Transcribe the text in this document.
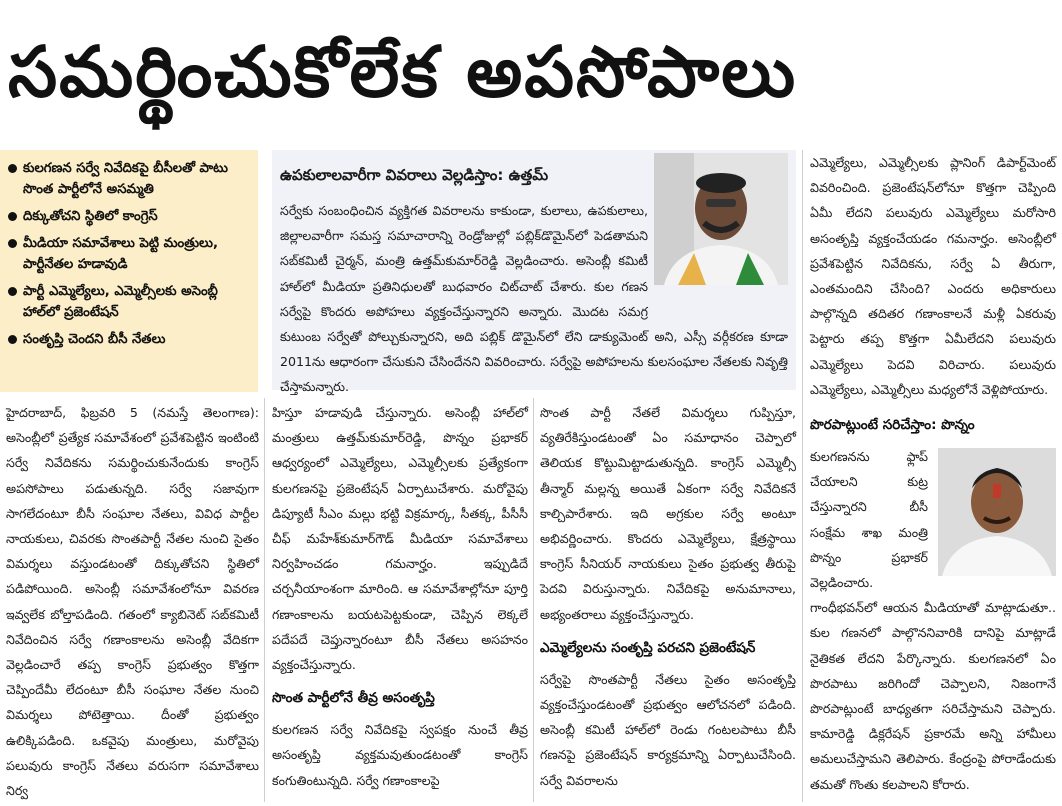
సమర్థించుకోలేక అపసోపాలు
కులగణన సర్వే నివేదికపై బీసీలతో పాటు సొంత పార్టీలోనే అసమ్మతి
దిక్కుతోచని స్థితిలో కాంగ్రెస్
మీడియా సమావేశాలు పెట్టి మంత్రులు, పార్టీనేతల హడావుడి
పార్టీ ఎమ్మెల్యేలు, ఎమ్మెల్సీలకు అసెంబ్లీ హాల్‌లో ప్రజెంటేషన్
సంతృప్తి చెందని బీసీ నేతలు
ఉపకులాలవారీగా వివరాలు వెల్లడిస్తాం: ఉత్తమ్

సర్వేకు సంబంధించిన వ్యక్తిగత వివరాలను కాకుండా, కులాలు, ఉపకులాలు, జిల్లాలవారీగా సమస్త సమాచారాన్ని రెండ్రోజుల్లో పబ్లిక్‌డొమైన్‌లో పెడతామని సబ్‌కమిటీ చైర్మన్, మంత్రి ఉత్తమ్‌కుమార్‌రెడ్డి వెల్లడించారు. అసెంబ్లీ కమిటీ హాల్‌లో మీడియా ప్రతినిధులతో బుధవారం చిట్‌చాట్ చేశారు. కుల గణన సర్వేపై కొందరు అపోహలు వ్యక్తంచేస్తున్నారని అన్నారు. మొదట సమగ్ర కుటుంబ సర్వేతో పోల్చుకున్నారని, అది పబ్లిక్ డొమైన్‌లో లేని డాక్యుమెంట్ అని, ఎస్సీ వర్గీకరణ కూడా 2011ను ఆధారంగా చేసుకుని చేసిందేనని వివరించారు. సర్వేపై అపోహలను కులసంఘాల నేతలకు నివృత్తి చేస్తామన్నారు.

హైదరాబాద్, ఫిబ్రవరి 5 (నమస్తే తెలంగాణ): అసెంబ్లీలో ప్రత్యేక సమావేశంలో ప్రవేశపెట్టిన ఇంటింటి సర్వే నివేదికను సమర్థించుకునేందుకు కాంగ్రెస్ అపసోపాలు పడుతున్నది. సర్వే సజావుగా సాగలేదంటూ బీసీ సంఘాల నేతలు, వివిధ పార్టీల నాయకులు, చివరకు సొంతపార్టీ నేతల నుంచి సైతం విమర్శలు వస్తుండటంతో దిక్కుతోచని స్థితిలో పడిపోయింది. అసెంబ్లీ సమావేశంలోనూ వివరణ ఇవ్వలేక బోల్తాపడింది. గతంలో క్యాబినెట్ సబ్‌కమిటీ నివేదించిన సర్వే గణాంకాలను అసెంబ్లీ వేదికగా వెల్లడించారే తప్ప కాంగ్రెస్ ప్రభుత్వం కొత్తగా చెప్పిందేమీ లేదంటూ బీసీ సంఘాల నేతల నుంచి విమర్శలు పోటెత్తాయి. దీంతో ప్రభుత్వం ఉలిక్కిపడింది. ఒకవైపు మంత్రులు, మరోవైపు పలువురు కాంగ్రెస్ నేతలు వరుసగా సమావేశాలు నిర్వ

హిస్తూ హడావుడి చేస్తున్నారు. అసెంబ్లీ హాల్‌లో మంత్రులు ఉత్తమ్‌కుమార్‌రెడ్డి, పొన్నం ప్రభాకర్ ఆధ్వర్యంలో ఎమ్మెల్యేలు, ఎమ్మెల్సీలకు ప్రత్యేకంగా కులగణనపై ప్రజెంటేషన్ ఏర్పాటుచేశారు. మరోవైపు డిప్యూటీ సీఎం మల్లు భట్టి విక్రమార్క, సీతక్క, పీసీసీ చీఫ్ మహేశ్‌కుమార్‌గౌడ్ మీడియా సమావేశాలు నిర్వహించడం గమనార్హం. ఇప్పుడిదే చర్చనీయాంశంగా మారింది. ఆ సమావేశాల్లోనూ పూర్తి గణాంకాలను బయటపెట్టకుండా, చెప్పిన లెక్కలే పదేపదే చెప్తున్నారంటూ బీసీ నేతలు అసహనం వ్యక్తంచేస్తున్నారు.

సొంత పార్టీలోనే తీవ్ర అసంతృప్తి

కులగణన సర్వే నివేదికపై స్వపక్షం నుంచే తీవ్ర అసంతృప్తి వ్యక్తమవుతుండటంతో కాంగ్రెస్ కంగుతింటున్నది. సర్వే గణాంకాలపై

సొంత పార్టీ నేతలే విమర్శలు గుప్పిస్తూ, వ్యతిరేకిస్తుండటంతో ఏం సమాధానం చెప్పాలో తెలియక కొట్టుమిట్టాడుతున్నది. కాంగ్రెస్ ఎమ్మెల్సీ తీన్మార్ మల్లన్న అయితే ఏకంగా సర్వే నివేదికనే కాల్చిపారేశారు. ఇది అగ్రకుల సర్వే అంటూ అభివర్ణించారు. కొందరు ఎమ్మెల్యేలు, క్షేత్రస్థాయి కాంగ్రెస్ సీనియర్ నాయకులు సైతం ప్రభుత్వ తీరుపై పెదవి విరుస్తున్నారు. నివేదికపై అనుమానాలు, అభ్యంతరాలు వ్యక్తంచేస్తున్నారు.

ఎమ్మెల్యేలను సంతృప్తి పరచని ప్రజెంటేషన్

సర్వేపై సొంతపార్టీ నేతలు సైతం అసంతృప్తి వ్యక్తంచేస్తుండటంతో ప్రభుత్వం ఆలోచనలో పడింది. అసెంబ్లీ కమిటీ హాల్‌లో రెండు గంటలపాటు బీసీ గణనపై ప్రజెంటేషన్ కార్యక్రమాన్ని ఏర్పాటుచేసింది. సర్వే వివరాలను

ఎమ్మెల్యేలు, ఎమ్మెల్సీలకు ప్లానింగ్ డిపార్ట్‌మెంట్ వివరించింది. ప్రజెంటేషన్‌లోనూ కొత్తగా చెప్పింది ఏమీ లేదని పలువురు ఎమ్మెల్యేలు మరోసారి అసంతృప్తి వ్యక్తంచేయడం గమనార్హం. అసెంబ్లీలో ప్రవేశపెట్టిన నివేదికను, సర్వే ఏ తీరుగా, ఎంతమందిని చేసింది? ఎందరు అధికారులు పాల్గొన్నది తదితర గణాంకాలనే మళ్లీ ఏకరువు పెట్టారు తప్ప కొత్తగా ఏమీలేదని పలువురు ఎమ్మెల్యేలు పెదవి విరిచారు. పలువురు ఎమ్మెల్యేలు, ఎమ్మెల్సీలు మధ్యలోనే వెళ్లిపోయారు.

పొరపాట్లుంటే సరిచేస్తాం: పొన్నం

కులగణనను ఫ్లాప్ చేయాలని కుట్ర చేస్తున్నారని బీసీ సంక్షేమ శాఖ మంత్రి పొన్నం ప్రభాకర్ వెల్లడించారు. గాంధీభవన్‌లో ఆయన మీడియాతో మాట్లాడుతూ.. కుల గణనలో పాల్గొననివారికి దానిపై మాట్లాడే నైతికత లేదని పేర్కొన్నారు. కులగణనలో ఏం పొరపాటు జరిగిందో చెప్పాలని, నిజంగానే పొరపాట్లుంటే బాధ్యతగా సరిచేస్తామని చెప్పారు. కామారెడ్డి డిక్లరేషన్ ప్రకారమే అన్ని హామీలు అమలుచేస్తామని తెలిపారు. కేంద్రంపై పోరాడేందుకు తమతో గొంతు కలపాలని కోరారు.
